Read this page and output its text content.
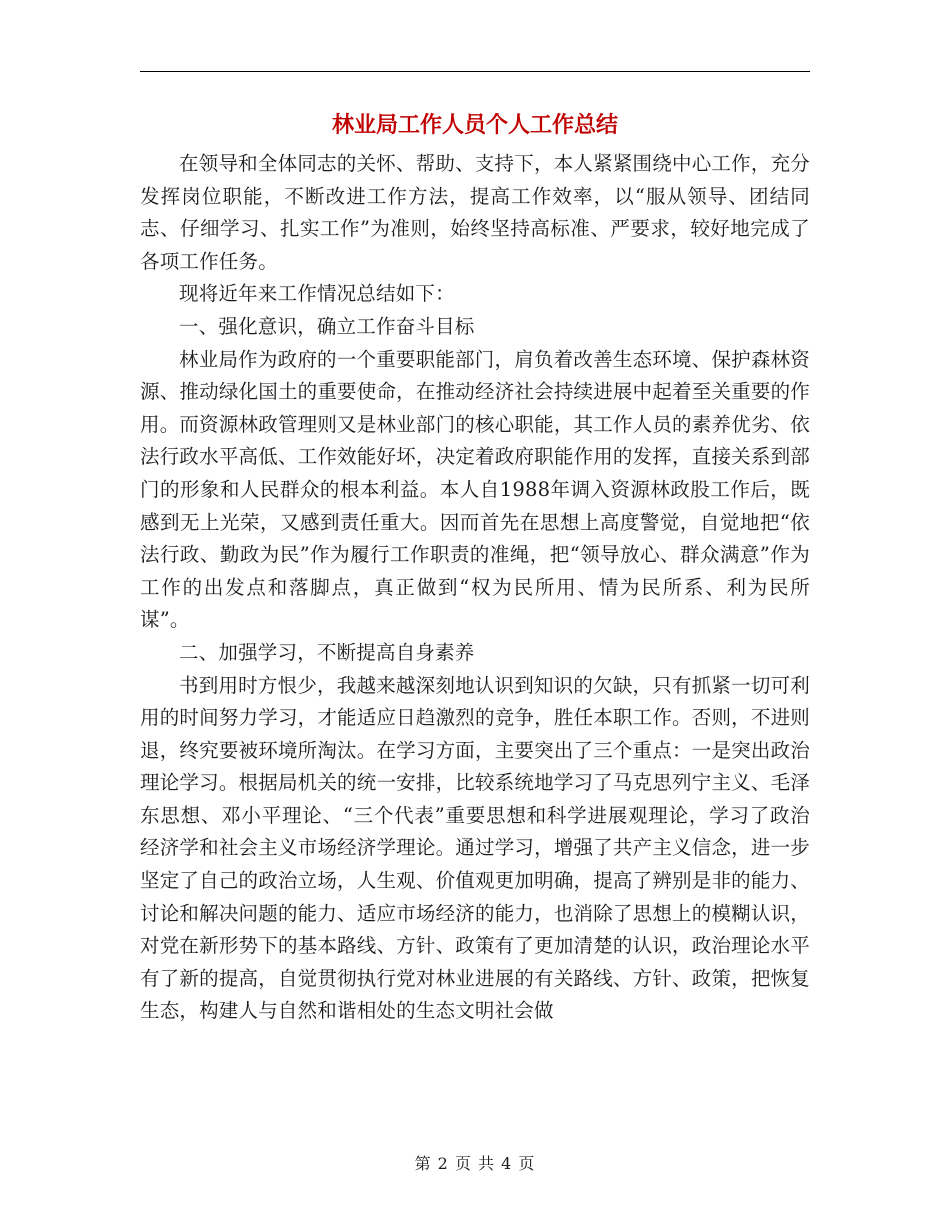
林业局工作人员个人工作总结

在领导和全体同志的关怀、帮助、支持下，本人紧紧围绕中心工作，充分发挥岗位职能，不断改进工作方法，提高工作效率，以“服从领导、团结同志、仔细学习、扎实工作”为准则，始终坚持高标准、严要求，较好地完成了各项工作任务。

现将近年来工作情况总结如下：

一、强化意识，确立工作奋斗目标

林业局作为政府的一个重要职能部门，肩负着改善生态环境、保护森林资源、推动绿化国土的重要使命，在推动经济社会持续进展中起着至关重要的作用。而资源林政管理则又是林业部门的核心职能，其工作人员的素养优劣、依法行政水平高低、工作效能好坏，决定着政府职能作用的发挥，直接关系到部门的形象和人民群众的根本利益。本人自1988年调入资源林政股工作后，既感到无上光荣，又感到责任重大。因而首先在思想上高度警觉，自觉地把“依法行政、勤政为民”作为履行工作职责的准绳，把“领导放心、群众满意”作为工作的出发点和落脚点，真正做到“权为民所用、情为民所系、利为民所谋”。

二、加强学习，不断提高自身素养

书到用时方恨少，我越来越深刻地认识到知识的欠缺，只有抓紧一切可利用的时间努力学习，才能适应日趋激烈的竞争，胜任本职工作。否则，不进则退，终究要被环境所淘汰。在学习方面，主要突出了三个重点：一是突出政治理论学习。根据局机关的统一安排，比较系统地学习了马克思列宁主义、毛泽东思想、邓小平理论、“三个代表”重要思想和科学进展观理论，学习了政治经济学和社会主义市场经济学理论。通过学习，增强了共产主义信念，进一步坚定了自己的政治立场，人生观、价值观更加明确，提高了辨别是非的能力、讨论和解决问题的能力、适应市场经济的能力，也消除了思想上的模糊认识，对党在新形势下的基本路线、方针、政策有了更加清楚的认识，政治理论水平有了新的提高，自觉贯彻执行党对林业进展的有关路线、方针、政策，把恢复生态，构建人与自然和谐相处的生态文明社会做

第 2 页 共 4 页
